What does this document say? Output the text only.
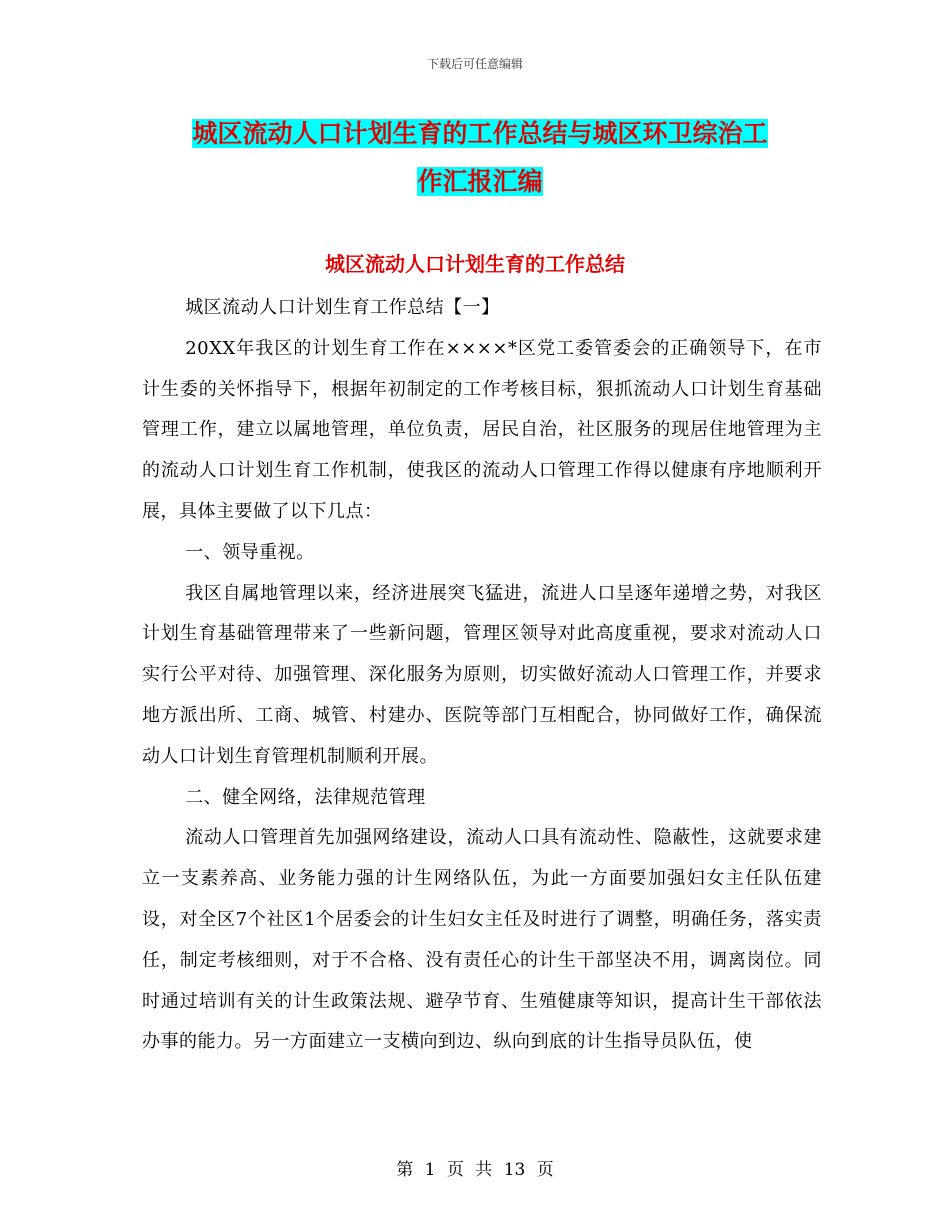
下载后可任意编辑
城区流动人口计划生育的工作总结与城区环卫综治工
作汇报汇编
城区流动人口计划生育的工作总结

城区流动人口计划生育工作总结【一】

20XX年我区的计划生育工作在××××*区党工委管委会的正确领导下，在市计生委的关怀指导下，根据年初制定的工作考核目标，狠抓流动人口计划生育基础管理工作，建立以属地管理，单位负责，居民自治，社区服务的现居住地管理为主的流动人口计划生育工作机制，使我区的流动人口管理工作得以健康有序地顺利开展，具体主要做了以下几点：

一、领导重视。

我区自属地管理以来，经济进展突飞猛进，流进人口呈逐年递增之势，对我区计划生育基础管理带来了一些新问题，管理区领导对此高度重视，要求对流动人口实行公平对待、加强管理、深化服务为原则，切实做好流动人口管理工作，并要求地方派出所、工商、城管、村建办、医院等部门互相配合，协同做好工作，确保流动人口计划生育管理机制顺利开展。

二、健全网络，法律规范管理

流动人口管理首先加强网络建设，流动人口具有流动性、隐蔽性，这就要求建立一支素养高、业务能力强的计生网络队伍，为此一方面要加强妇女主任队伍建设，对全区7个社区1个居委会的计生妇女主任及时进行了调整，明确任务，落实责任，制定考核细则，对于不合格、没有责任心的计生干部坚决不用，调离岗位。同时通过培训有关的计生政策法规、避孕节育、生殖健康等知识，提高计生干部依法办事的能力。另一方面建立一支横向到边、纵向到底的计生指导员队伍，使

第 1 页 共 13 页
